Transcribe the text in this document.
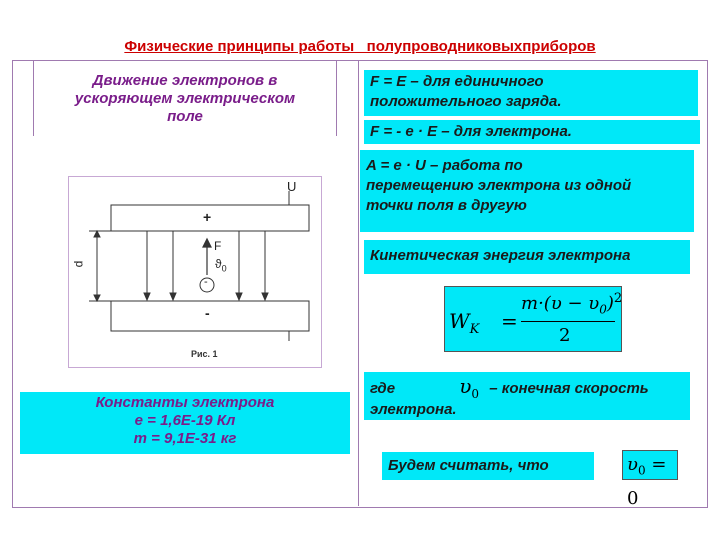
Физические принципы работы   полупроводниковыхприборов
Движение электронов в
ускоряющем электрическом
поле
U
+
-
d
F
$ϑ_0$
-
Рис. 1
Константы электрона
e = 1,6E-19 Кл
m = 9,1E-31 кг
F = E – для единичного
положительного заряда.
F = - e · E – для электрона.
A = e · U – работа по
перемещению электрона из одной
точки поля в другую
Кинетическая энергия электрона
$W_K$ =
$m\cdot(\upsilon - \upsilon_0)^2$
2
где	$\upsilon_0$ – конечная скорость
электрона.
Будем считать, что	$\upsilon_0 = 0$
